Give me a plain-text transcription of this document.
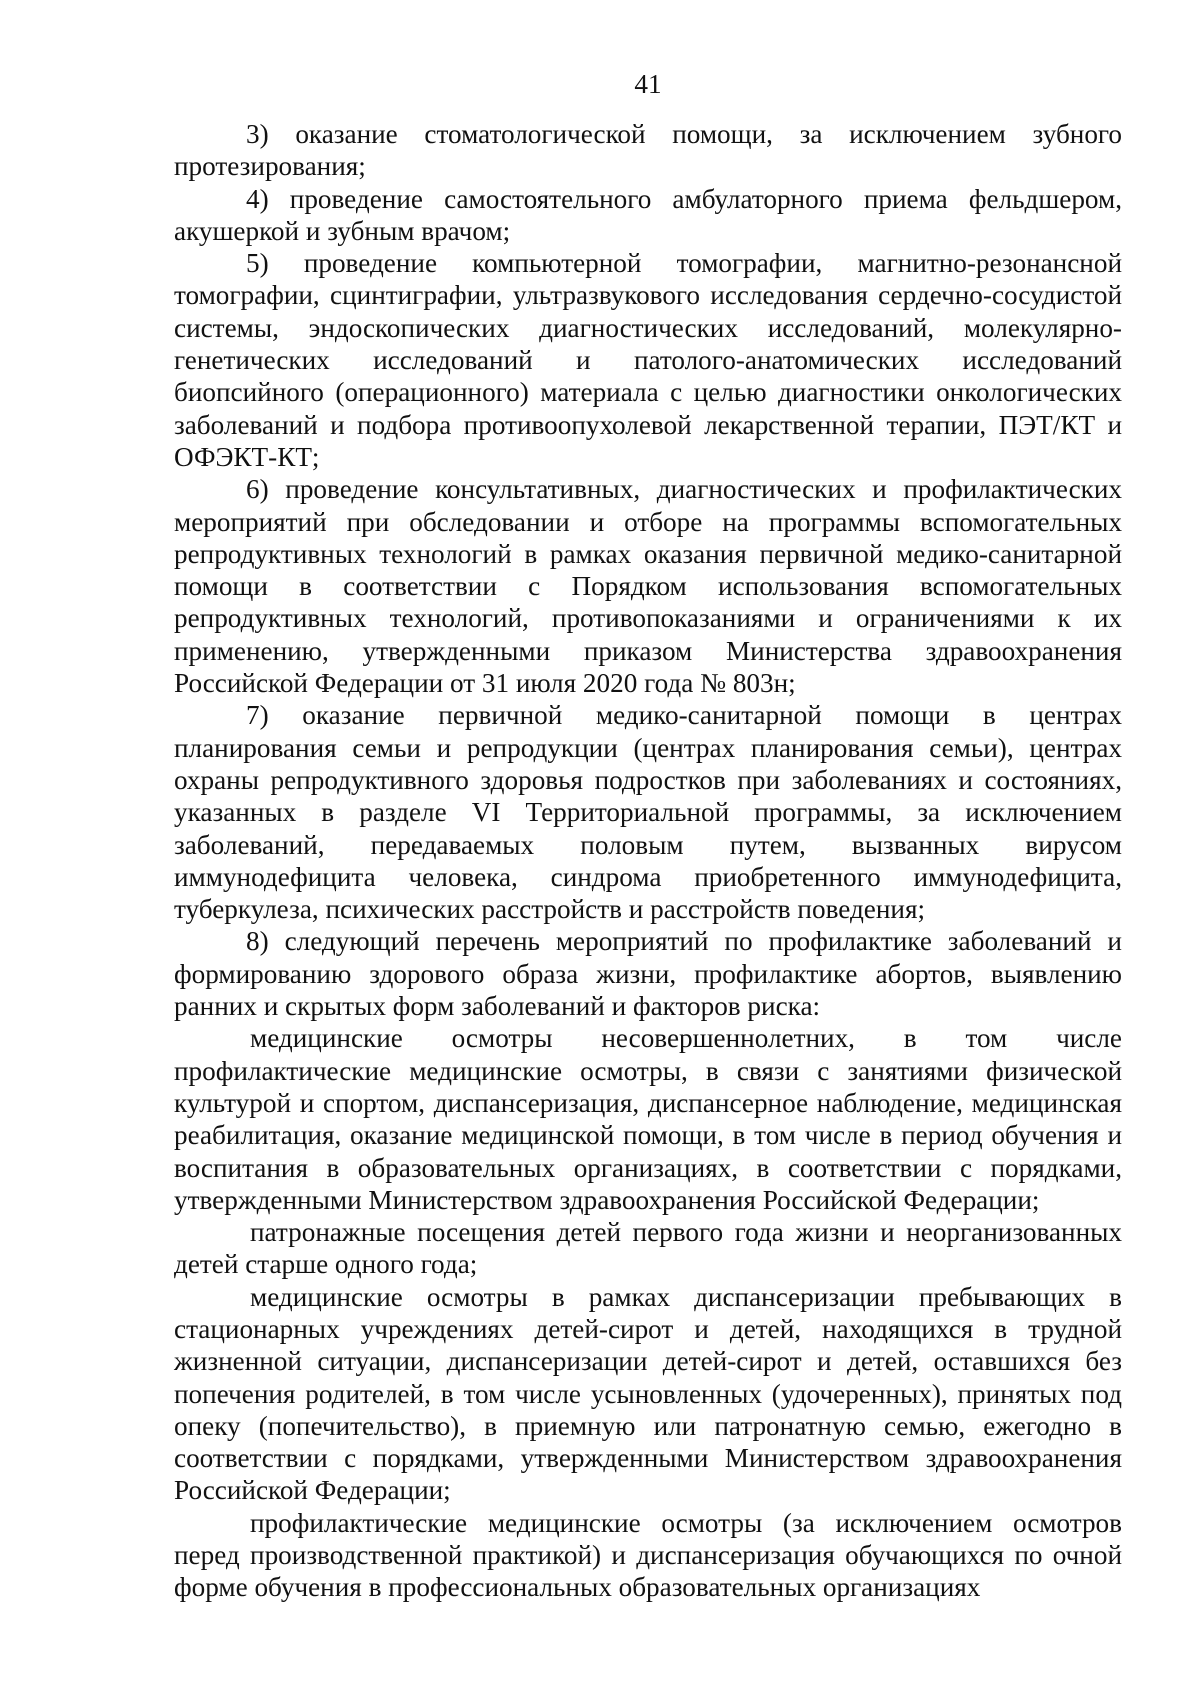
41

3) оказание стоматологической помощи, за исключением зубного протезирования;

4) проведение самостоятельного амбулаторного приема фельдшером, акушеркой и зубным врачом;

5) проведение компьютерной томографии, магнитно-резонансной томографии, сцинтиграфии, ультразвукового исследования сердечно-сосудистой системы, эндоскопических диагностических исследований, молекулярно-генетических исследований и патолого-анатомических исследований биопсийного (операционного) материала с целью диагностики онкологических заболеваний и подбора противоопухолевой лекарственной терапии, ПЭТ/КТ и ОФЭКТ-КТ;

6) проведение консультативных, диагностических и профилактических мероприятий при обследовании и отборе на программы вспомогательных репродуктивных технологий в рамках оказания первичной медико-санитарной помощи в соответствии с Порядком использования вспомогательных репродуктивных технологий, противопоказаниями и ограничениями к их применению, утвержденными приказом Министерства здравоохранения Российской Федерации от 31 июля 2020 года № 803н;

7) оказание первичной медико-санитарной помощи в центрах планирования семьи и репродукции (центрах планирования семьи), центрах охраны репродуктивного здоровья подростков при заболеваниях и состояниях, указанных в разделе VI Территориальной программы, за исключением заболеваний, передаваемых половым путем, вызванных вирусом иммунодефицита человека, синдрома приобретенного иммунодефицита, туберкулеза, психических расстройств и расстройств поведения;

8) следующий перечень мероприятий по профилактике заболеваний и формированию здорового образа жизни, профилактике абортов, выявлению ранних и скрытых форм заболеваний и факторов риска:

медицинские осмотры несовершеннолетних, в том числе профилактические медицинские осмотры, в связи с занятиями физической культурой и спортом, диспансеризация, диспансерное наблюдение, медицинская реабилитация, оказание медицинской помощи, в том числе в период обучения и воспитания в образовательных организациях, в соответствии с порядками, утвержденными Министерством здравоохранения Российской Федерации;

патронажные посещения детей первого года жизни и неорганизованных детей старше одного года;

медицинские осмотры в рамках диспансеризации пребывающих в стационарных учреждениях детей-сирот и детей, находящихся в трудной жизненной ситуации, диспансеризации детей-сирот и детей, оставшихся без попечения родителей, в том числе усыновленных (удочеренных), принятых под опеку (попечительство), в приемную или патронатную семью, ежегодно в соответствии с порядками, утвержденными Министерством здравоохранения Российской Федерации;

профилактические медицинские осмотры (за исключением осмотров перед производственной практикой) и диспансеризация обучающихся по очной форме обучения в профессиональных образовательных организациях
